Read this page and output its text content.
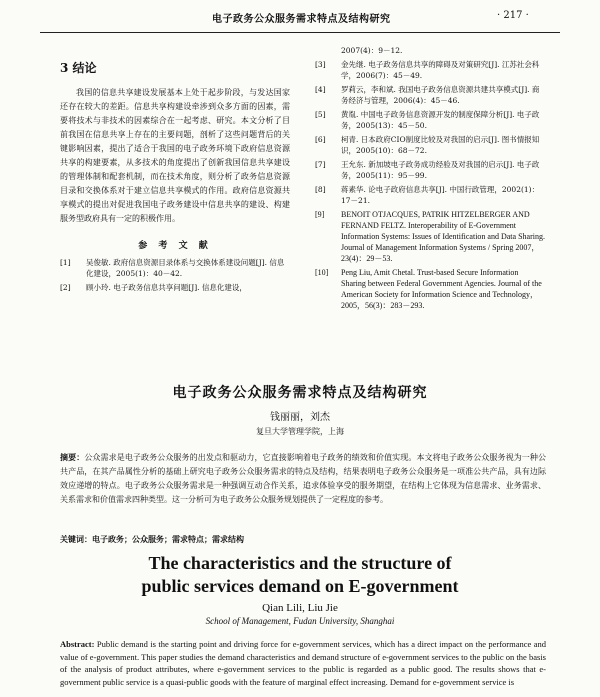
电子政务公众服务需求特点及结构研究	· 217 ·
3 结论
我国的信息共享建设发展基本上处于起步阶段，与发达国家还存在较大的差距。信息共享构建设牵涉到众多方面的因素，需要将技术与非技术的因素综合在一起考虑、研究。本文分析了目前我国在信息共享上存在的主要问题，剖析了这些问题背后的关键影响因素，提出了适合于我国的电子政务环境下政府信息资源共享的构建要素，从多技术的角度提出了创新我国信息共享建设的管理体制和配套机制，而在技术角度，则分析了政务信息资源目录和交换体系对于建立信息共享模式的作用。政府信息资源共享模式的提出对促进我国电子政务建设中信息共享的建设、构建服务型政府具有一定的积极作用。
参 考 文 献
[1]	吴俊敏. 政府信息资源目录体系与交换体系建设问题[J]. 信息化建设，2005(1)：40－42.
[2]	顾小玲. 电子政务信息共享问题[J]. 信息化建设，
2007(4)：9－12.
[3]	金先继. 电子政务信息共享的障碍及对策研究[J]. 江苏社会科学，2006(7)：45－49.
[4]	罗莉云，李和斌. 我国电子政务信息资源共建共享模式[J]. 商务经济与管理，2006(4)：45－46.
[5]	黄胤. 中国电子政务信息资源开发的制度保障分析[J]. 电子政务，2005(13)：45－50.
[6]	柯青. 日本政府CIO制度比较及对我国的启示[J]. 图书情报知识，2005(10)：68－72.
[7]	王允东. 新加坡电子政务成功经验及对我国的启示[J]. 电子政务，2005(11)：95－99.
[8]	蒋素华. 论电子政府信息共享[J]. 中国行政管理，2002(1)：17－21.
[9]	BENOIT OTJACQUES, PATRIK HITZELBERGER AND FERNAND FELTZ. Interoperability of E-Government Information Systems: Issues of Identification and Data Sharing. Journal of Management Information Systems / Spring 2007，23(4)：29－53.
[10]	Peng Liu, Amit Chetal. Trust-based Secure Information Sharing between Federal Government Agencies. Journal of the American Society for Information Science and Technology，2005，56(3)：283－293.
电子政务公众服务需求特点及结构研究
钱丽丽，刘杰
复旦大学管理学院，上海
摘要：公众需求是电子政务公众服务的出发点和驱动力，它直接影响着电子政务的绩效和价值实现。本文将电子政务公众服务视为一种公共产品，在其产品属性分析的基础上研究电子政务公众服务需求的特点及结构，结果表明电子政务公众服务是一项准公共产品，具有边际效应递增的特点。电子政务公众服务需求是一种强调互动合作关系，追求体验享受的服务期望，在结构上它体现为信息需求、业务需求、关系需求和价值需求四种类型。这一分析可为电子政务公众服务规划提供了一定程度的参考。
关键词：电子政务；公众服务；需求特点；需求结构
The characteristics and the structure of
public services demand on E-government
Qian Lili, Liu Jie
School of Management, Fudan University, Shanghai
Abstract: Public demand is the starting point and driving force for e-government services, which has a direct impact on the performance and value of e-government. This paper studies the demand characteristics and demand structure of e-government services to the public on the basis of the analysis of product attributes, where e-government services to the public is regarded as a public good. The results shows that e-government public service is a quasi-public goods with the feature of marginal effect increasing. Demand for e-government service is
